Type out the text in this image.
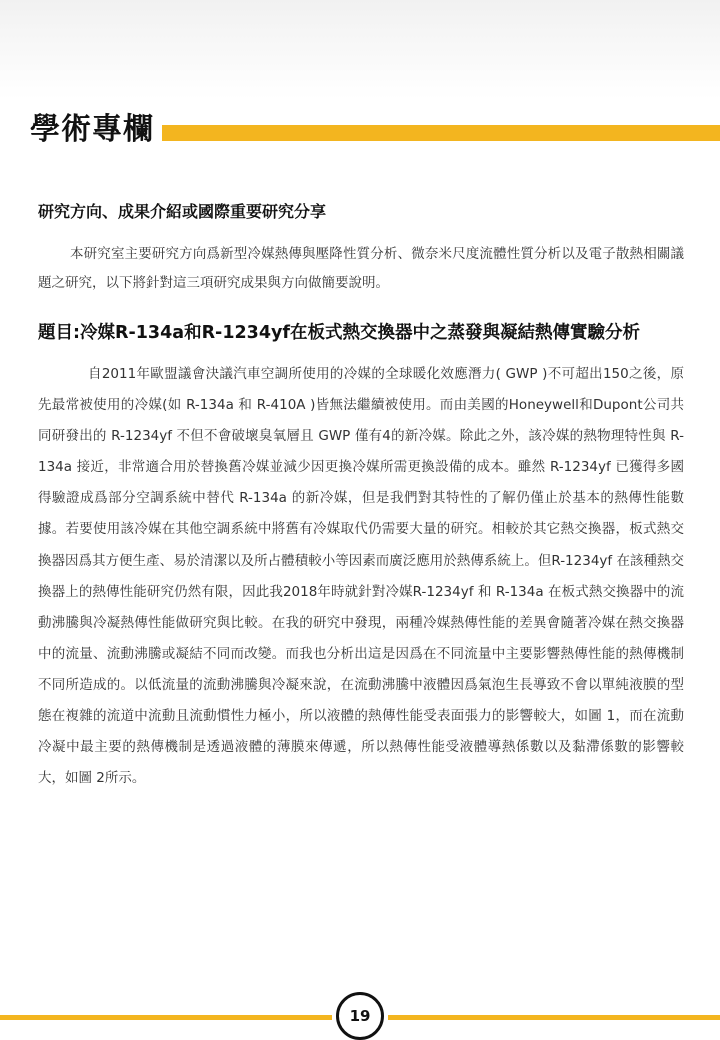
學術專欄
研究方向、成果介紹或國際重要研究分享

本研究室主要研究方向爲新型冷媒熱傳與壓降性質分析、微奈米尺度流體性質分析以及電子散熱相關議題之研究，以下將針對這三項研究成果與方向做簡要說明。

題目:冷媒R-134a和R-1234yf在板式熱交換器中之蒸發與凝結熱傳實驗分析

自2011年歐盟議會決議汽車空調所使用的冷媒的全球暖化效應潛力( GWP )不可超出150之後，原先最常被使用的冷媒(如 R-134a 和 R-410A )皆無法繼續被使用。而由美國的Honeywell和Dupont公司共同研發出的 R-1234yf 不但不會破壞臭氧層且 GWP 僅有4的新冷媒。除此之外，該冷媒的熱物理特性與 R-134a 接近，非常適合用於替換舊冷媒並減少因更換冷媒所需更換設備的成本。雖然 R-1234yf 已獲得多國得驗證成爲部分空調系統中替代 R-134a 的新冷媒，但是我們對其特性的了解仍僅止於基本的熱傳性能數據。若要使用該冷媒在其他空調系統中將舊有冷媒取代仍需要大量的研究。相較於其它熱交換器，板式熱交換器因爲其方便生產、易於清潔以及所占體積較小等因素而廣泛應用於熱傳系統上。但R-1234yf 在該種熱交換器上的熱傳性能研究仍然有限，因此我2018年時就針對冷媒R-1234yf 和 R-134a 在板式熱交換器中的流動沸騰與冷凝熱傳性能做研究與比較。在我的研究中發現，兩種冷媒熱傳性能的差異會隨著冷媒在熱交換器中的流量、流動沸騰或凝結不同而改變。而我也分析出這是因爲在不同流量中主要影響熱傳性能的熱傳機制不同所造成的。以低流量的流動沸騰與冷凝來說，在流動沸騰中液體因爲氣泡生長導致不會以單純液膜的型態在複雜的流道中流動且流動慣性力極小，所以液體的熱傳性能受表面張力的影響較大，如圖 1，而在流動冷凝中最主要的熱傳機制是透過液體的薄膜來傳遞，所以熱傳性能受液體導熱係數以及黏滯係數的影響較大，如圖 2所示。

19
